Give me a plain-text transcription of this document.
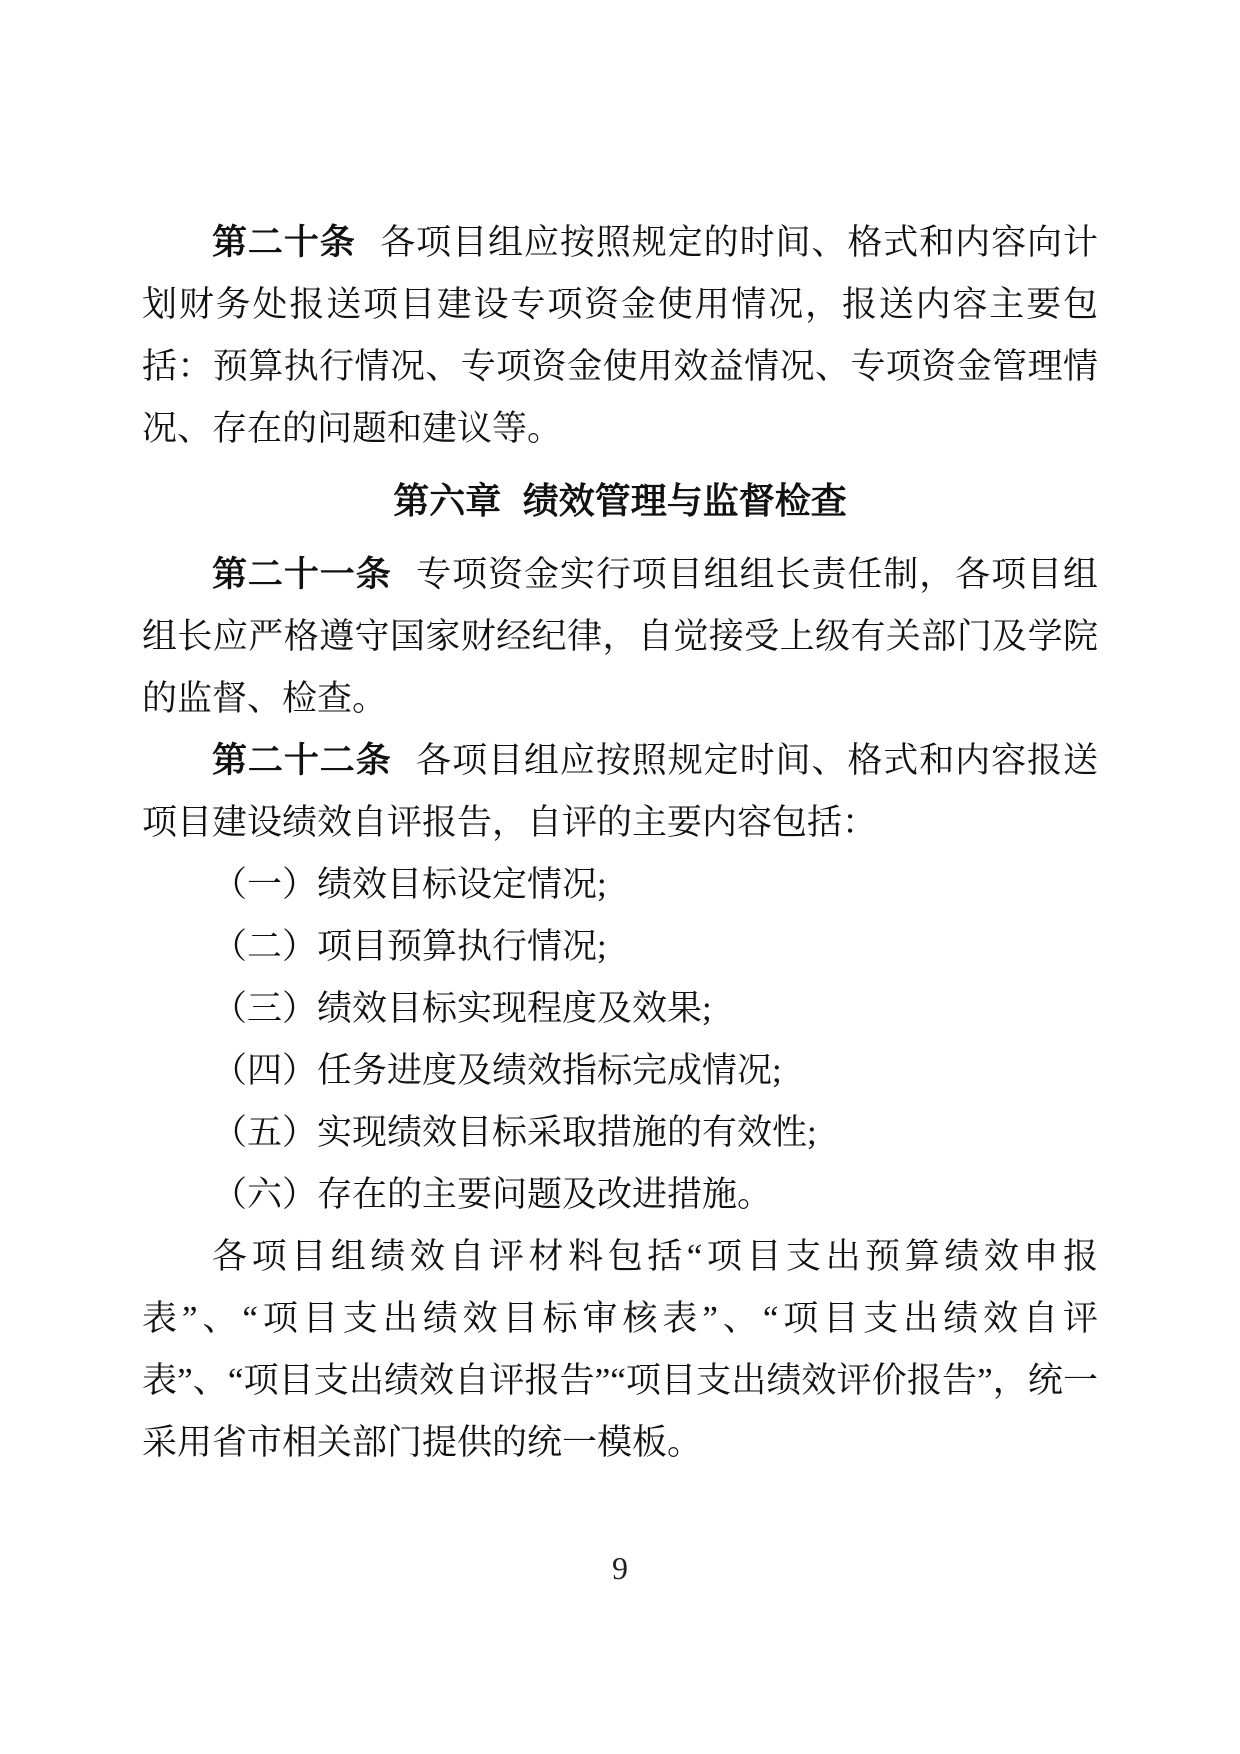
第二十条 各项目组应按照规定的时间、格式和内容向计划财务处报送项目建设专项资金使用情况，报送内容主要包括：预算执行情况、专项资金使用效益情况、专项资金管理情况、存在的问题和建议等。

第六章 绩效管理与监督检查

第二十一条 专项资金实行项目组组长责任制，各项目组组长应严格遵守国家财经纪律，自觉接受上级有关部门及学院的监督、检查。

第二十二条 各项目组应按照规定时间、格式和内容报送项目建设绩效自评报告，自评的主要内容包括：

（一）绩效目标设定情况;

（二）项目预算执行情况;

（三）绩效目标实现程度及效果;

（四）任务进度及绩效指标完成情况;

（五）实现绩效目标采取措施的有效性;

（六）存在的主要问题及改进措施。

各项目组绩效自评材料包括“项目支出预算绩效申报表”、“项目支出绩效目标审核表”、“项目支出绩效自评表”、“项目支出绩效自评报告”“项目支出绩效评价报告”，统一采用省市相关部门提供的统一模板。

9
